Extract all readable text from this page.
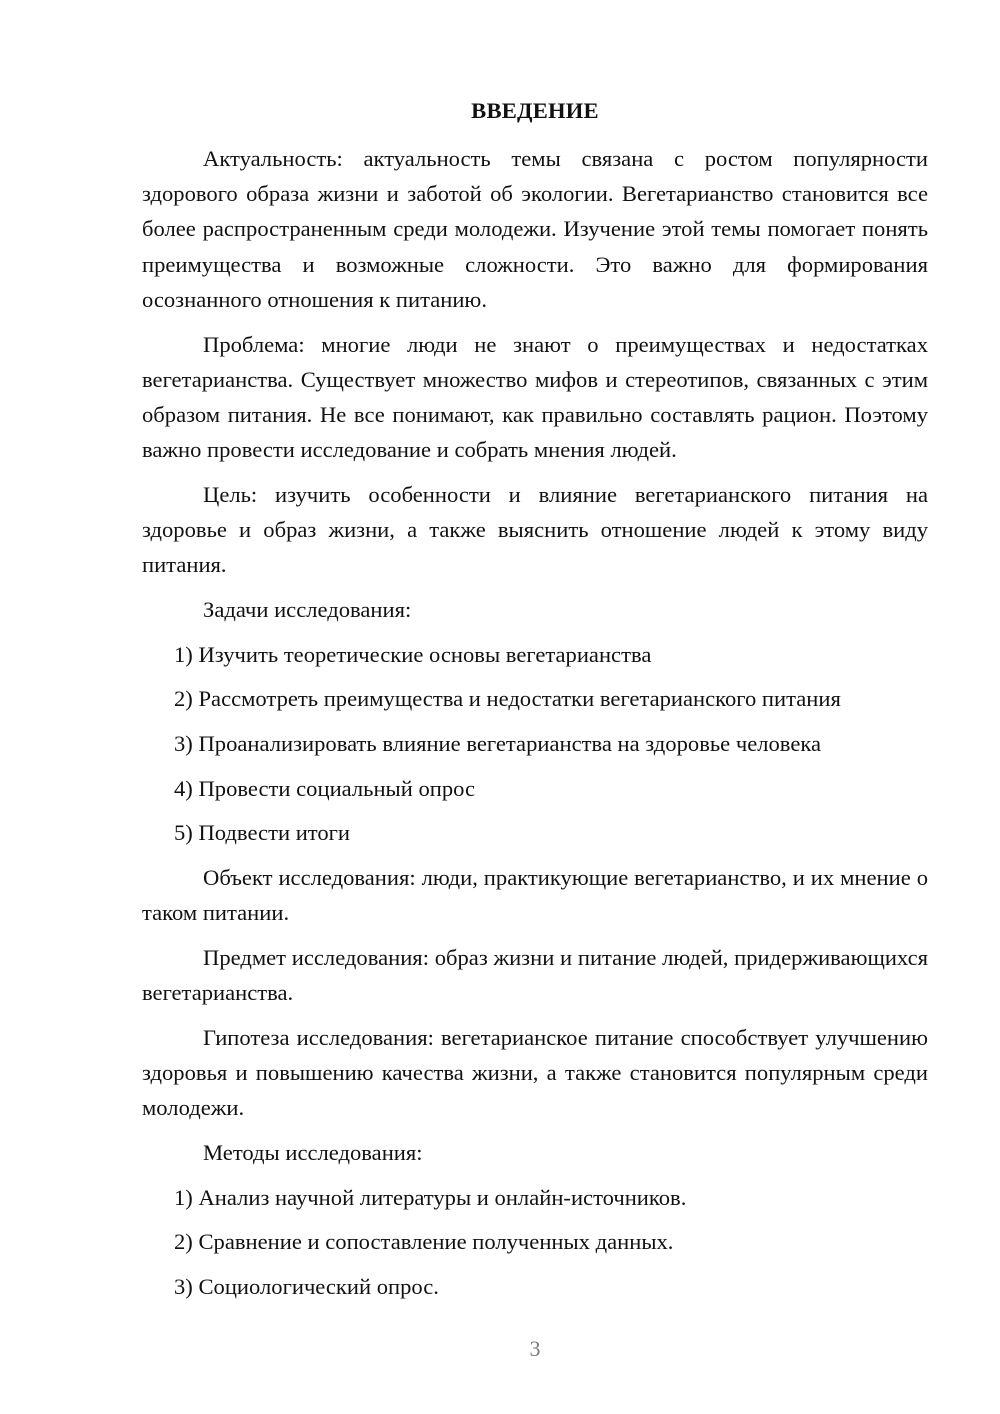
ВВЕДЕНИЕ

Актуальность: актуальность темы связана с ростом популярности здорового образа жизни и заботой об экологии. Вегетарианство становится все более распространенным среди молодежи. Изучение этой темы помогает понять преимущества и возможные сложности. Это важно для формирования осознанного отношения к питанию.

Проблема: многие люди не знают о преимуществах и недостатках вегетарианства. Существует множество мифов и стереотипов, связанных с этим образом питания. Не все понимают, как правильно составлять рацион. Поэтому важно провести исследование и собрать мнения людей.

Цель: изучить особенности и влияние вегетарианского питания на здоровье и образ жизни, а также выяснить отношение людей к этому виду питания.

Задачи исследования:

1) Изучить теоретические основы вегетарианства

2) Рассмотреть преимущества и недостатки вегетарианского питания

3) Проанализировать влияние вегетарианства на здоровье человека

4) Провести социальный опрос

5) Подвести итоги

Объект исследования: люди, практикующие вегетарианство, и их мнение о таком питании.

Предмет исследования: образ жизни и питание людей, придерживающихся вегетарианства.

Гипотеза исследования: вегетарианское питание способствует улучшению здоровья и повышению качества жизни, а также становится популярным среди молодежи.

Методы исследования:

1) Анализ научной литературы и онлайн-источников.

2) Сравнение и сопоставление полученных данных.

3) Социологический опрос.

3
